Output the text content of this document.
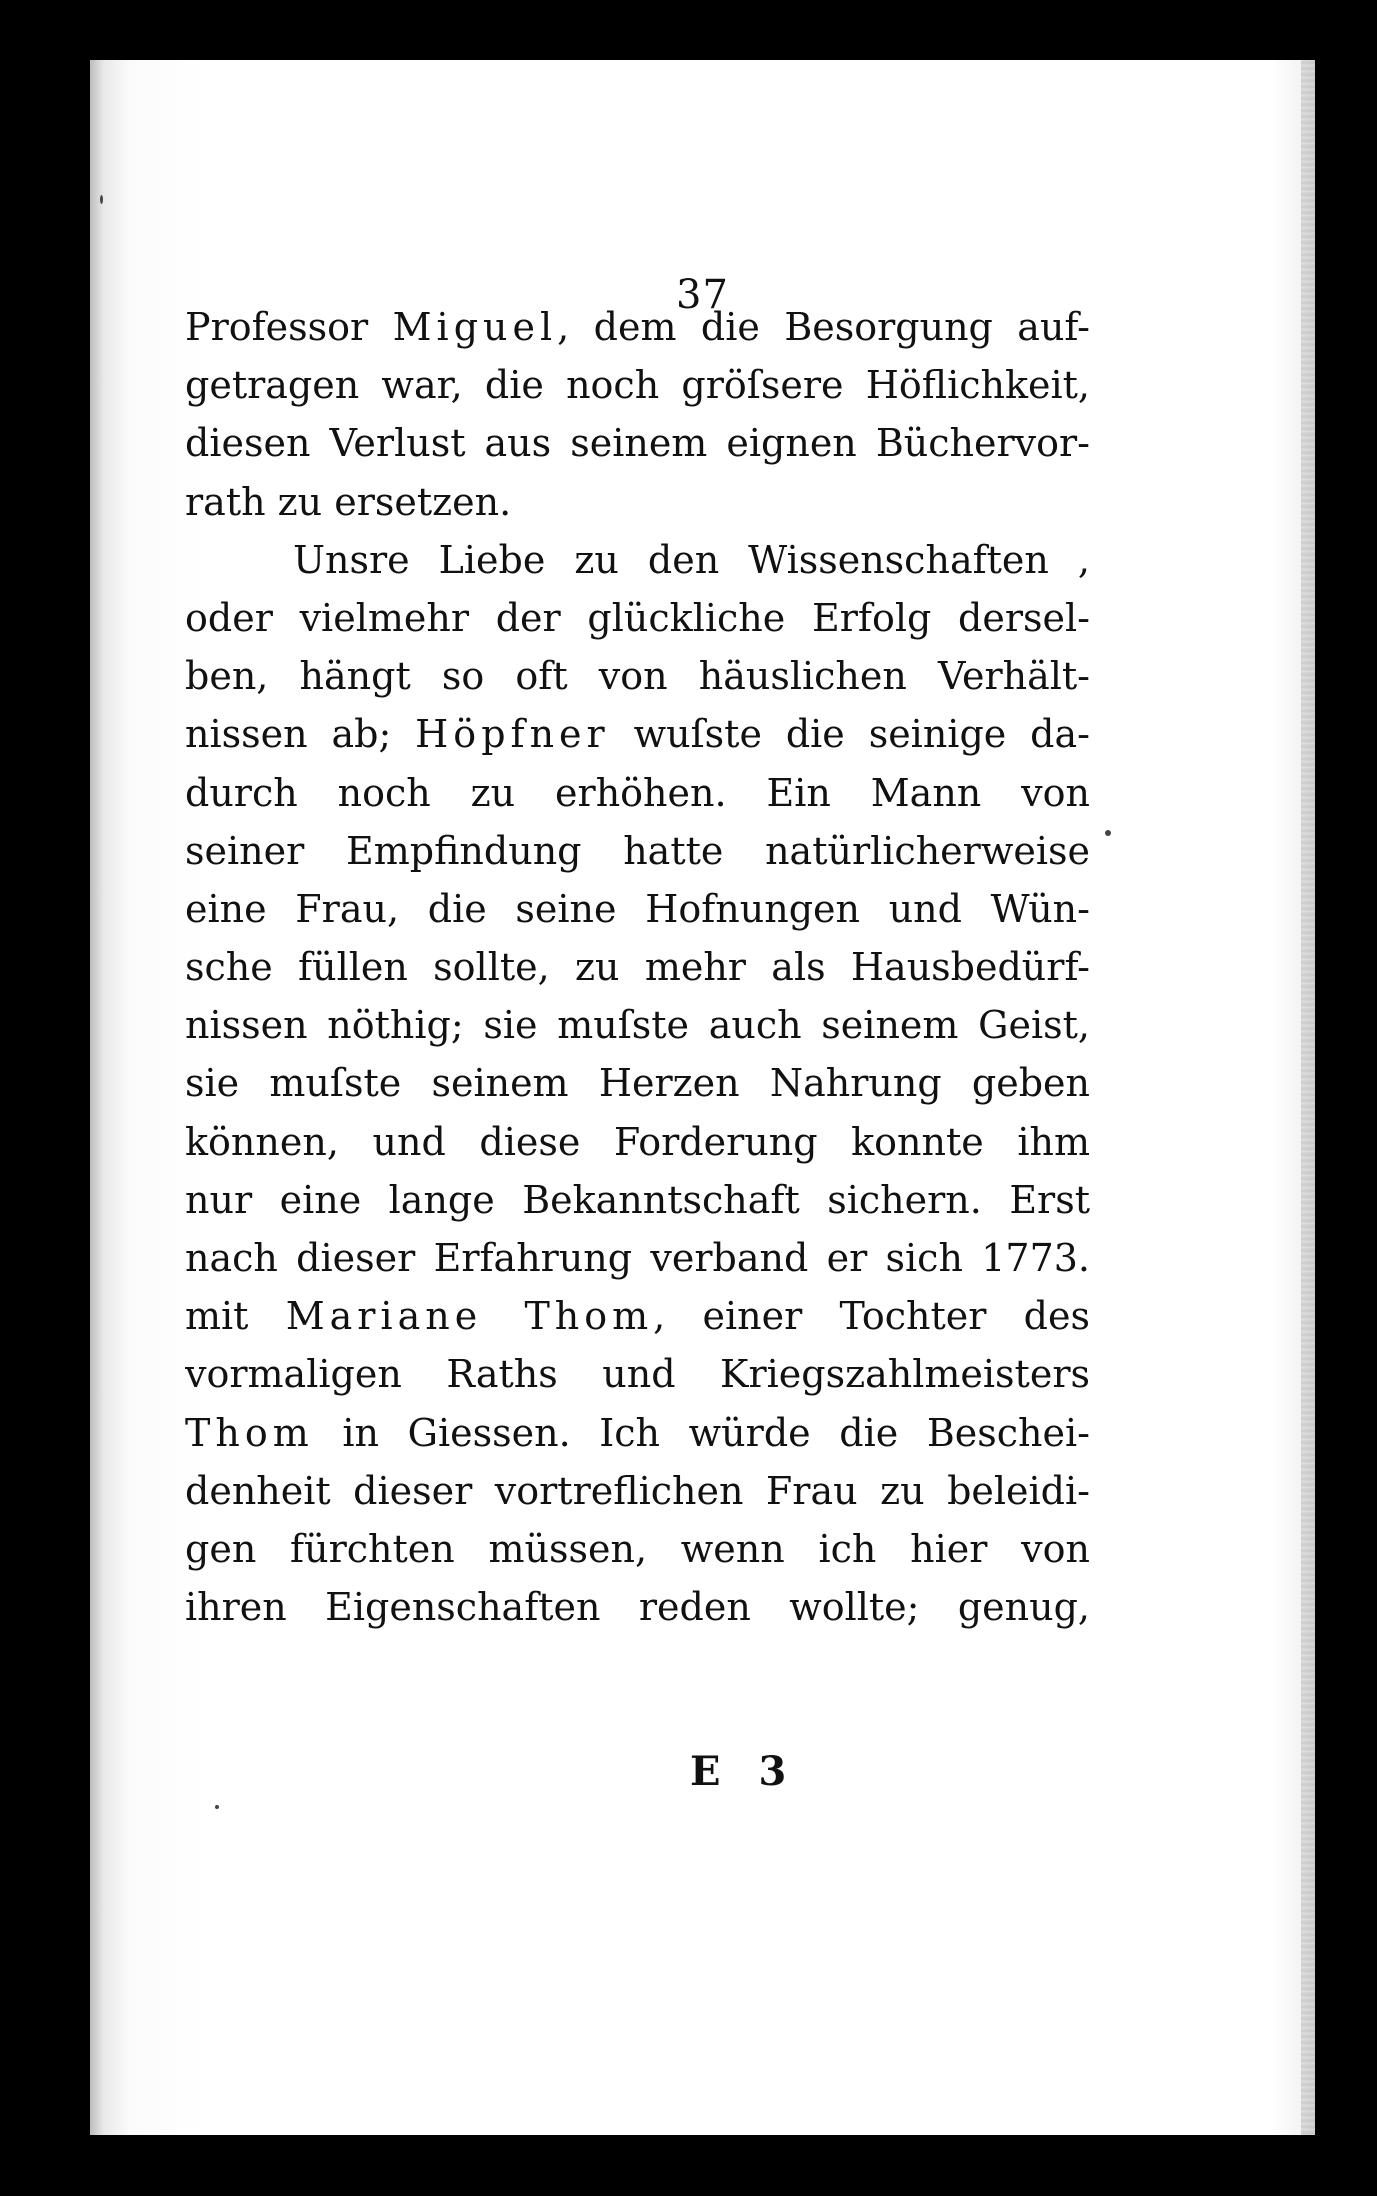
37
Professor Miguel, dem die Besorgung auf-
getragen war, die noch gröſsere Höflichkeit,
diesen Verlust aus seinem eignen Büchervor-
rath zu ersetzen.
Unsre Liebe zu den Wissenschaften ,
oder vielmehr der glückliche Erfolg dersel-
ben, hängt so oft von häuslichen Verhält-
nissen ab; Höpfner wuſste die seinige da-
durch noch zu erhöhen. Ein Mann von
seiner Empfindung hatte natürlicherweise
eine Frau, die seine Hofnungen und Wün-
sche füllen sollte, zu mehr als Hausbedürf-
nissen nöthig; sie muſste auch seinem Geist,
sie muſste seinem Herzen Nahrung geben
können, und diese Forderung konnte ihm
nur eine lange Bekanntschaft sichern. Erst
nach dieser Erfahrung verband er sich 1773.
mit Mariane Thom, einer Tochter des
vormaligen Raths und Kriegszahlmeisters
Thom in Giessen. Ich würde die Beschei-
denheit dieser vortreflichen Frau zu beleidi-
gen fürchten müssen, wenn ich hier von
ihren Eigenschaften reden wollte; genug,
E 3
